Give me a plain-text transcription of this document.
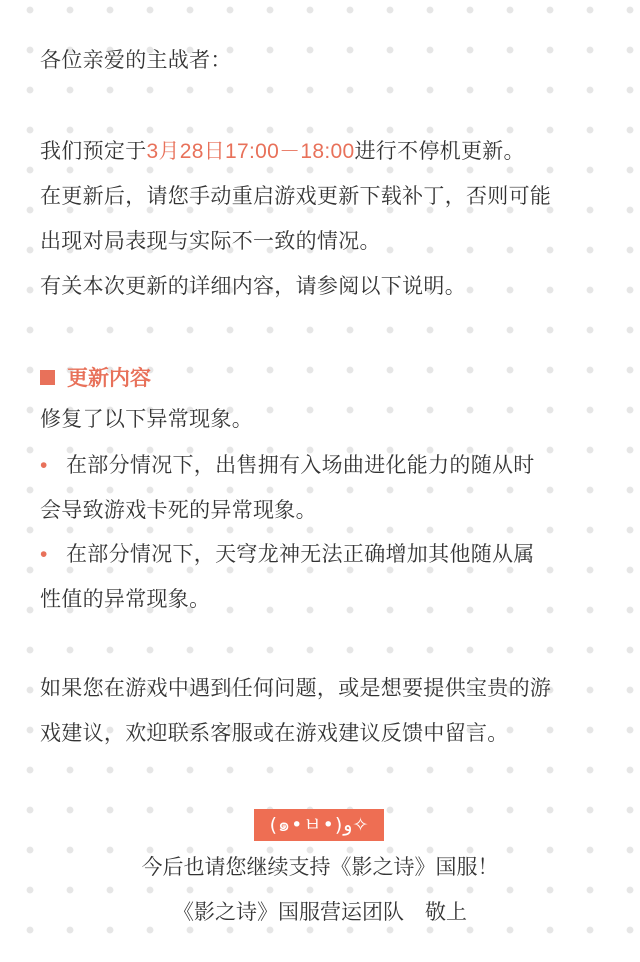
各位亲爱的主战者：
我们预定于3月28日17:00－18:00进行不停机更新。
在更新后，请您手动重启游戏更新下载补丁，否则可能
出现对局表现与实际不一致的情况。
有关本次更新的详细内容，请参阅以下说明。
更新内容
修复了以下异常现象。
• 在部分情况下，出售拥有入场曲进化能力的随从时
会导致游戏卡死的异常现象。
• 在部分情况下，天穹龙神无法正确增加其他随从属
性值的异常现象。
如果您在游戏中遇到任何问题，或是想要提供宝贵的游
戏建议，欢迎联系客服或在游戏建议反馈中留言。
(๑•ㅂ•)و✧
今后也请您继续支持《影之诗》国服！
《影之诗》国服营运团队　敬上
